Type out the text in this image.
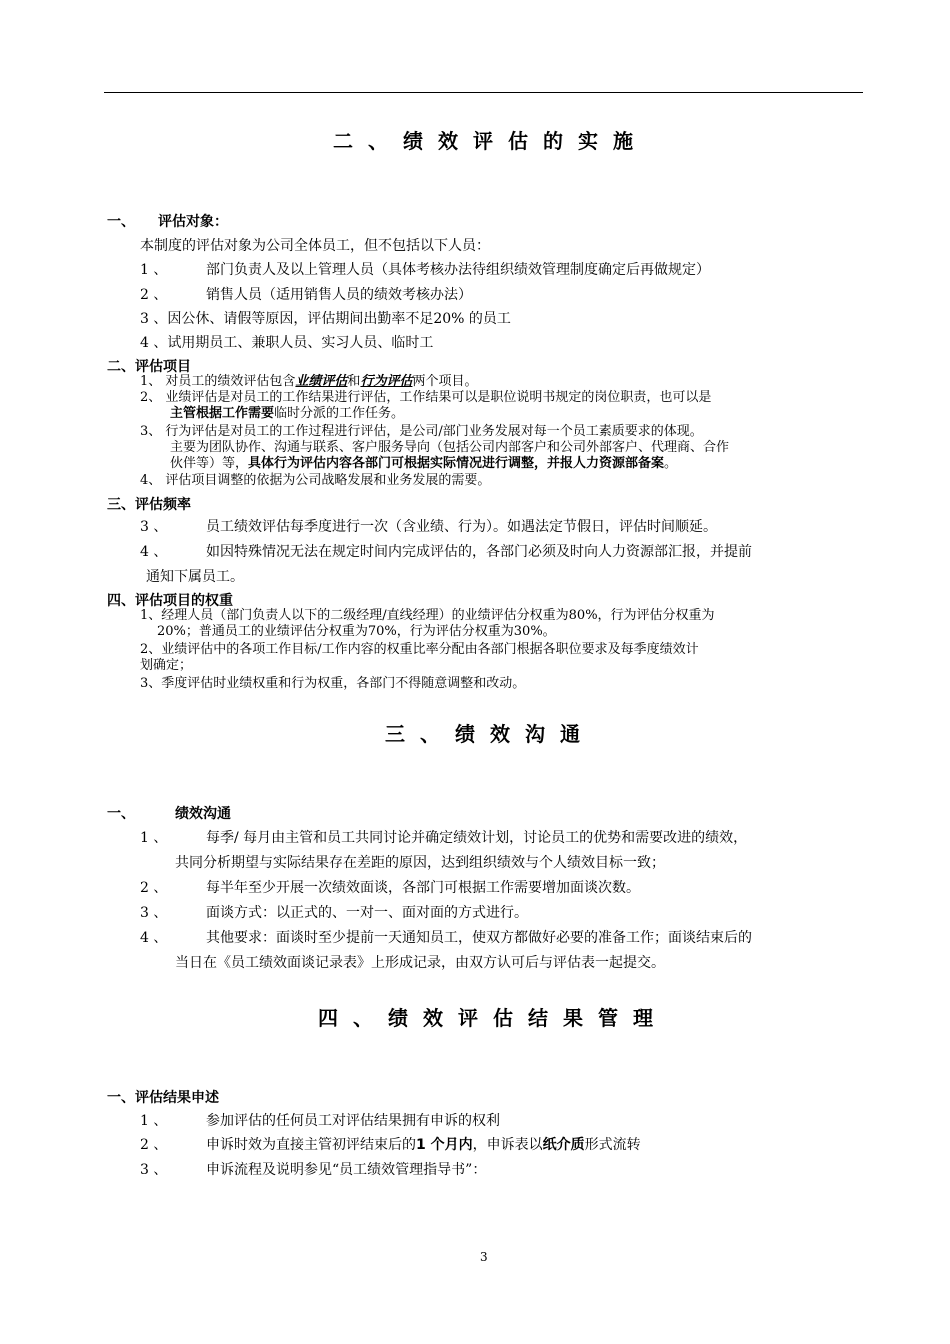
二、绩效评估的实施
一、 评估对象：
本制度的评估对象为公司全体员工，但不包括以下人员：
1 、	部门负责人及以上管理人员（具体考核办法待组织绩效管理制度确定后再做规定）
2 、	销售人员（适用销售人员的绩效考核办法）
3 、因公休、请假等原因，评估期间出勤率不足20% 的员工
4 、试用期员工、兼职人员、实习人员、临时工
二、评估项目
1、 对员工的绩效评估包含业绩评估和行为评估两个项目。
2、 业绩评估是对员工的工作结果进行评估，工作结果可以是职位说明书规定的岗位职责，也可以是
主管根据工作需要临时分派的工作任务。
3、 行为评估是对员工的工作过程进行评估，是公司/部门业务发展对每一个员工素质要求的体现。
主要为团队协作、沟通与联系、客户服务导向（包括公司内部客户和公司外部客户、代理商、合作
伙伴等）等，具体行为评估内容各部门可根据实际情况进行调整，并报人力资源部备案。
4、 评估项目调整的依据为公司战略发展和业务发展的需要。
三、评估频率
3 、	员工绩效评估每季度进行一次（含业绩、行为）。如遇法定节假日，评估时间顺延。
4 、	如因特殊情况无法在规定时间内完成评估的，各部门必须及时向人力资源部汇报，并提前
通知下属员工。
四、评估项目的权重
1、经理人员（部门负责人以下的二级经理/直线经理）的业绩评估分权重为80%，行为评估分权重为
20%；普通员工的业绩评估分权重为70%，行为评估分权重为30%。
2、业绩评估中的各项工作目标/工作内容的权重比率分配由各部门根据各职位要求及每季度绩效计
划确定；
3、季度评估时业绩权重和行为权重，各部门不得随意调整和改动。
三、绩效沟通
一、	绩效沟通
1 、	每季/ 每月由主管和员工共同讨论并确定绩效计划，讨论员工的优势和需要改进的绩效，
共同分析期望与实际结果存在差距的原因，达到组织绩效与个人绩效目标一致；
2 、	每半年至少开展一次绩效面谈，各部门可根据工作需要增加面谈次数。
3 、	面谈方式：以正式的、一对一、面对面的方式进行。
4 、	其他要求：面谈时至少提前一天通知员工，使双方都做好必要的准备工作；面谈结束后的
当日在《员工绩效面谈记录表》上形成记录，由双方认可后与评估表一起提交。
四、绩效评估结果管理
一、评估结果申述
1 、	参加评估的任何员工对评估结果拥有申诉的权利
2 、	申诉时效为直接主管初评结束后的1 个月内，申诉表以纸介质形式流转
3 、	申诉流程及说明参见“员工绩效管理指导书”：
3
